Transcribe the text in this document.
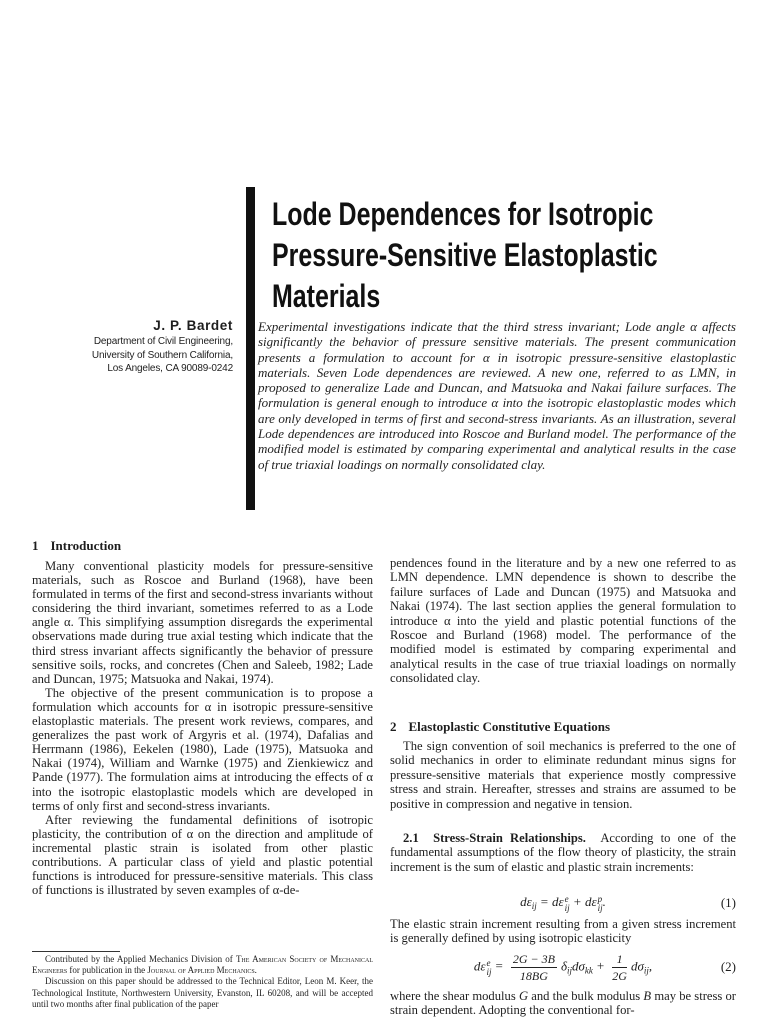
Lode Dependences for Isotropic
Pressure-Sensitive Elastoplastic
Materials
J. P. Bardet
Department of Civil Engineering,
University of Southern California,
Los Angeles, CA 90089-0242

Experimental investigations indicate that the third stress invariant; Lode angle α affects significantly the behavior of pressure sensitive materials. The present communication presents a formulation to account for α in isotropic pressure-sensitive elastoplastic materials. Seven Lode dependences are reviewed. A new one, referred to as LMN, in proposed to generalize Lade and Duncan, and Matsuoka and Nakai failure surfaces. The formulation is general enough to introduce α into the isotropic elastoplastic modes which are only developed in terms of first and second-stress invariants. As an illustration, several Lode dependences are introduced into Roscoe and Burland model. The performance of the modified model is estimated by comparing experimental and analytical results in the case of true triaxial loadings on normally consolidated clay.

1 Introduction

Many conventional plasticity models for pressure-sensitive materials, such as Roscoe and Burland (1968), have been formulated in terms of the first and second-stress invariants without considering the third invariant, sometimes referred to as a Lode angle α. This simplifying assumption disregards the experimental observations made during true axial testing which indicate that the third stress invariant affects significantly the behavior of pressure sensitive soils, rocks, and concretes (Chen and Saleeb, 1982; Lade and Duncan, 1975; Matsuoka and Nakai, 1974).

The objective of the present communication is to propose a formulation which accounts for α in isotropic pressure-sensitive elastoplastic materials. The present work reviews, compares, and generalizes the past work of Argyris et al. (1974), Dafalias and Herrmann (1986), Eekelen (1980), Lade (1975), Matsuoka and Nakai (1974), William and Warnke (1975) and Zienkiewicz and Pande (1977). The formulation aims at introducing the effects of α into the isotropic elastoplastic models which are developed in terms of only first and second-stress invariants.

After reviewing the fundamental definitions of isotropic plasticity, the contribution of α on the direction and amplitude of incremental plastic strain is isolated from other plastic contributions. A particular class of yield and plastic potential functions is introduced for pressure-sensitive materials. This class of functions is illustrated by seven examples of α-de-

Contributed by the Applied Mechanics Division of The American Society of Mechanical Engineers for publication in the Journal of Applied Mechanics.

Discussion on this paper should be addressed to the Technical Editor, Leon M. Keer, the Technological Institute, Northwestern University, Evanston, IL 60208, and will be accepted until two months after final publication of the paper

pendences found in the literature and by a new one referred to as LMN dependence. LMN dependence is shown to describe the failure surfaces of Lade and Duncan (1975) and Matsuoka and Nakai (1974). The last section applies the general formulation to introduce α into the yield and plastic potential functions of the Roscoe and Burland (1968) model. The performance of the modified model is estimated by comparing experimental and analytical results in the case of true triaxial loadings on normally consolidated clay.

2 Elastoplastic Constitutive Equations

The sign convention of soil mechanics is preferred to the one of solid mechanics in order to eliminate redundant minus signs for pressure-sensitive materials that experience mostly compressive stress and strain. Hereafter, stresses and strains are assumed to be positive in compression and negative in tension.

2.1 Stress-Strain Relationships. According to one of the fundamental assumptions of the flow theory of plasticity, the strain increment is the sum of elastic and plastic strain increments:

$d\varepsilon_{ij} = d\varepsilon$ e
ij + dε p
ij .	(1)

The elastic strain increment resulting from a given stress increment is generally defined by using isotropic elasticity

dε e
ij = $\frac{2G - 3B}{18BG} \delta_{ij}d\sigma_{kk} + \frac{1}{2G} d\sigma_{ij}$,	(2)

where the shear modulus G and the bulk modulus B may be stress or strain dependent. Adopting the conventional for-
